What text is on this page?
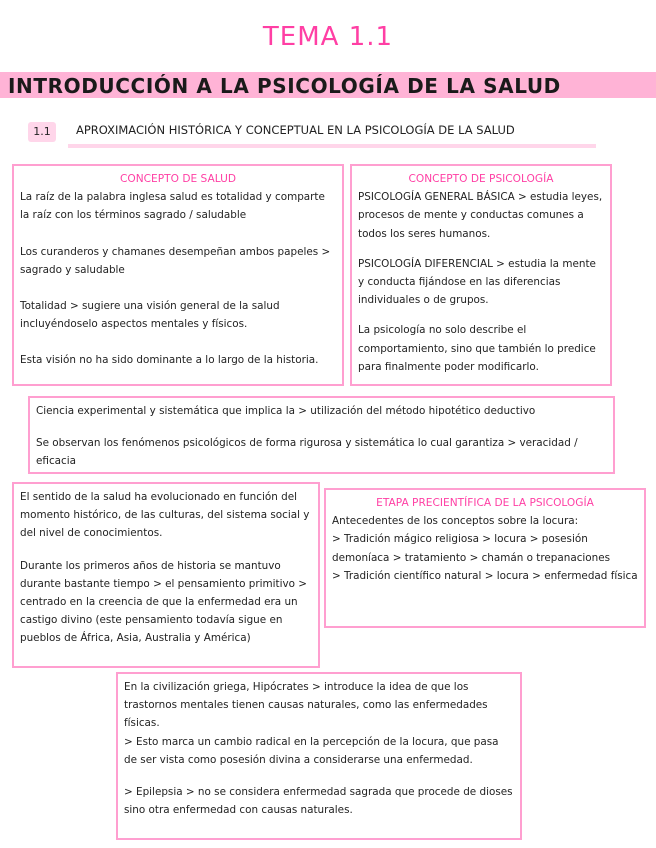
TEMA 1.1
INTRODUCCIÓN A LA PSICOLOGÍA DE LA SALUD
1.1	APROXIMACIÓN HISTÓRICA Y CONCEPTUAL EN LA PSICOLOGÍA DE LA SALUD
CONCEPTO DE SALUD

La raíz de la palabra inglesa salud es totalidad y comparte la raíz con los términos sagrado / saludable

Los curanderos y chamanes desempeñan ambos papeles > sagrado y saludable

Totalidad > sugiere una visión general de la salud incluyéndoselo aspectos mentales y físicos.

Esta visión no ha sido dominante a lo largo de la historia.

CONCEPTO DE PSICOLOGÍA

PSICOLOGÍA GENERAL BÁSICA > estudia leyes, procesos de mente y conductas comunes a todos los seres humanos.

PSICOLOGÍA DIFERENCIAL > estudia la mente y conducta fijándose en las diferencias individuales o de grupos.

La psicología no solo describe el comportamiento, sino que también lo predice para finalmente poder modificarlo.

Ciencia experimental y sistemática que implica la > utilización del método hipotético deductivo

Se observan los fenómenos psicológicos de forma rigurosa y sistemática lo cual garantiza > veracidad / eficacia

El sentido de la salud ha evolucionado en función del momento histórico, de las culturas, del sistema social y del nivel de conocimientos.

Durante los primeros años de historia se mantuvo durante bastante tiempo > el pensamiento primitivo > centrado en la creencia de que la enfermedad era un castigo divino (este pensamiento todavía sigue en pueblos de África, Asia, Australia y América)

ETAPA PRECIENTÍFICA DE LA PSICOLOGÍA

Antecedentes de los conceptos sobre la locura:

> Tradición mágico religiosa > locura > posesión demoníaca > tratamiento > chamán o trepanaciones

> Tradición científico natural > locura > enfermedad física

En la civilización griega, Hipócrates > introduce la idea de que los trastornos mentales tienen causas naturales, como las enfermedades físicas.

> Esto marca un cambio radical en la percepción de la locura, que pasa de ser vista como posesión divina a considerarse una enfermedad.

> Epilepsia > no se considera enfermedad sagrada que procede de dioses sino otra enfermedad con causas naturales.
